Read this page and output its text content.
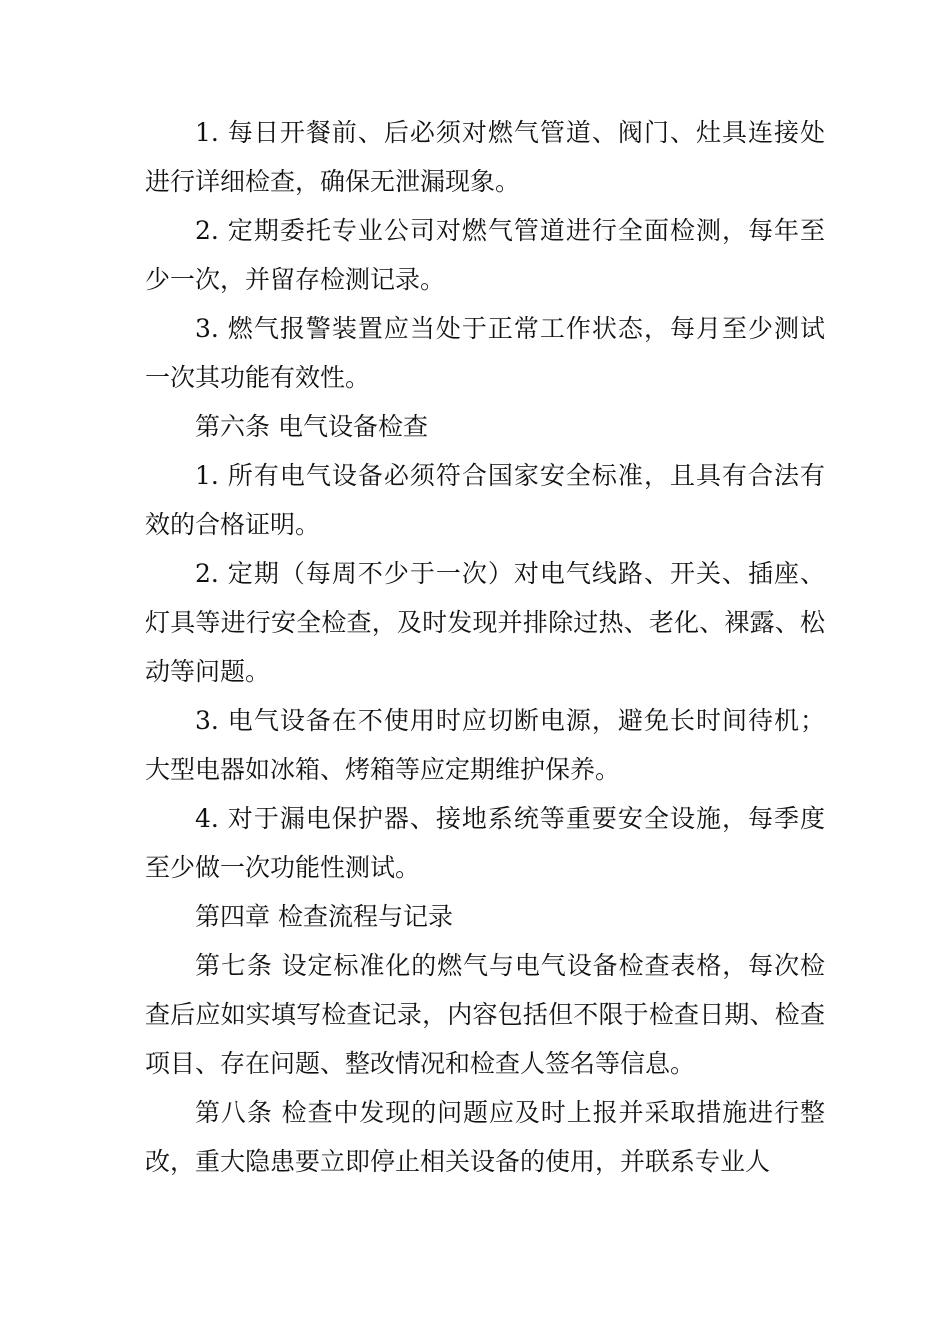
1. 每日开餐前、后必须对燃气管道、阀门、灶具连接处进行详细检查，确保无泄漏现象。

2. 定期委托专业公司对燃气管道进行全面检测，每年至少一次，并留存检测记录。

3. 燃气报警装置应当处于正常工作状态，每月至少测试一次其功能有效性。

第六条 电气设备检查

1. 所有电气设备必须符合国家安全标准，且具有合法有效的合格证明。

2. 定期（每周不少于一次）对电气线路、开关、插座、灯具等进行安全检查，及时发现并排除过热、老化、裸露、松动等问题。

3. 电气设备在不使用时应切断电源，避免长时间待机；大型电器如冰箱、烤箱等应定期维护保养。

4. 对于漏电保护器、接地系统等重要安全设施，每季度至少做一次功能性测试。

第四章 检查流程与记录

第七条 设定标准化的燃气与电气设备检查表格，每次检查后应如实填写检查记录，内容包括但不限于检查日期、检查项目、存在问题、整改情况和检查人签名等信息。

第八条 检查中发现的问题应及时上报并采取措施进行整改，重大隐患要立即停止相关设备的使用，并联系专业人
